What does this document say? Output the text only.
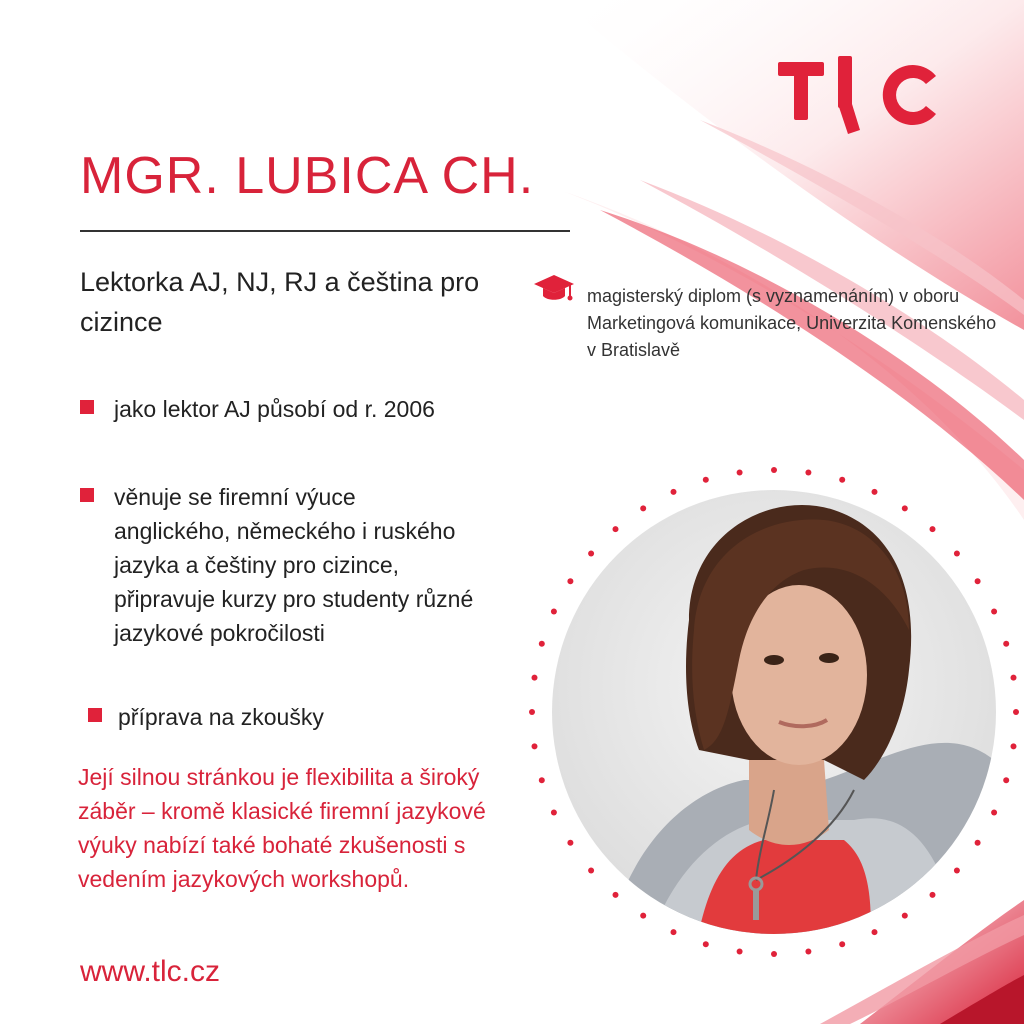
MGR. LUBICA CH.
Lektorka AJ, NJ, RJ a čeština pro cizince
magisterský diplom (s vyznamenáním) v oboru Marketingová komunikace, Univerzita Komenského v Bratislavě
jako lektor AJ působí od r. 2006
věnuje se firemní výuce anglického, německého i ruského jazyka a češtiny pro cizince, připravuje kurzy pro studenty různé jazykové pokročilosti
příprava na zkoušky
Její silnou stránkou je flexibilita a široký záběr – kromě klasické firemní jazykové výuky nabízí také bohaté zkušenosti s vedením jazykových workshopů.
www.tlc.cz
